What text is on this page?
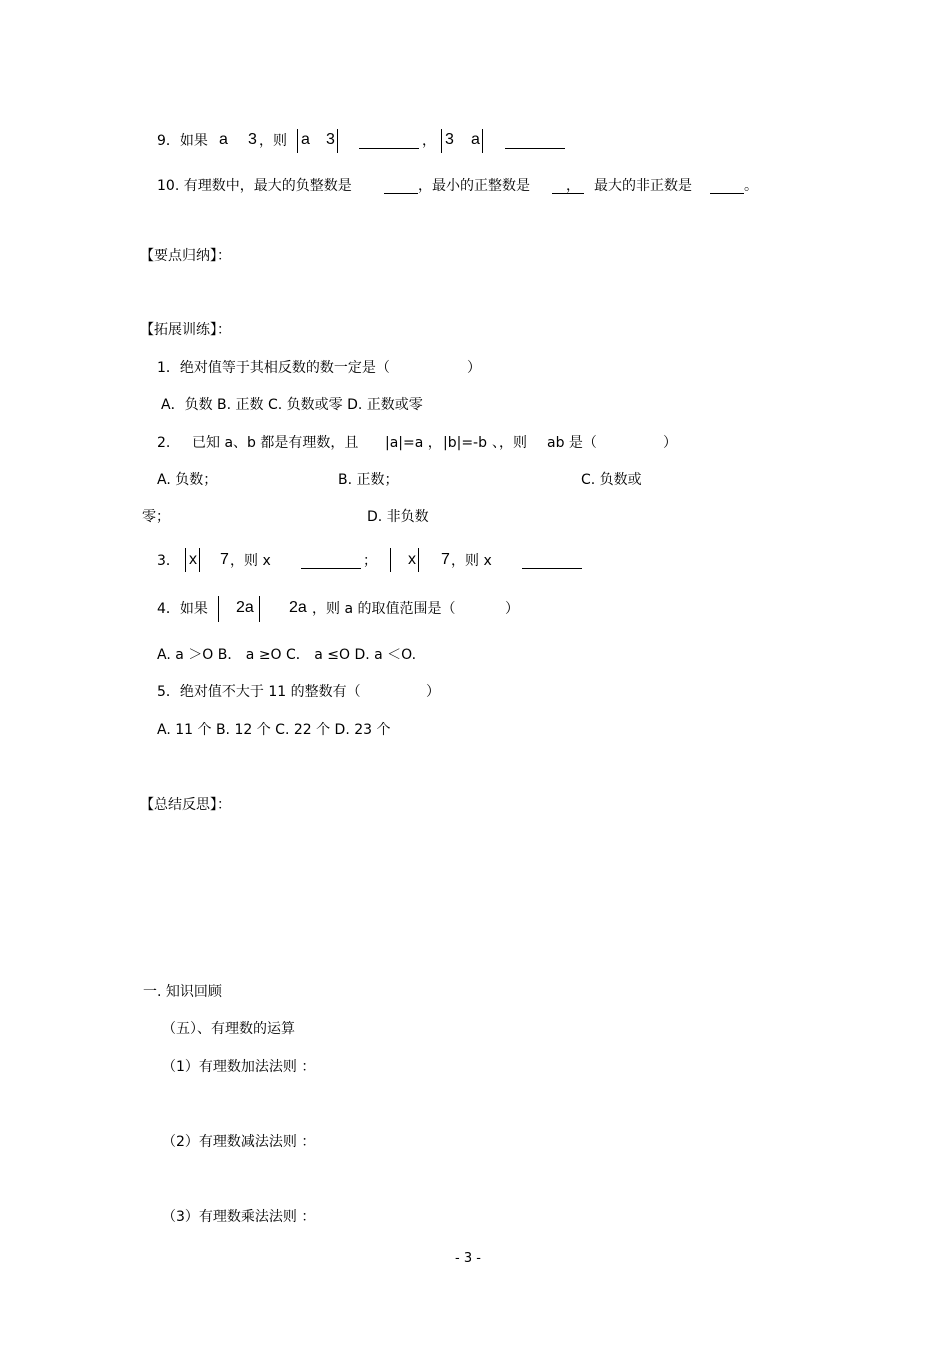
9．如果 a 3 ，则 a 3	， 3 a
10. 有理数中，最大的负整数是	，最小的正整数是	， 最大的非正数是	。
【要点归纳】：
【拓展训练】：
1．绝对值等于其相反数的数一定是（	）
A．负数 B. 正数 C. 负数或零 D. 正数或零
2. 已知 a、b 都是有理数，且 |a|=a ， |b|=-b 、，则 ab 是（	）
A. 负数；	B. 正数；	C. 负数或
零；	D. 非负数
3． x 7 ，则 x	； x 7 ，则 x
4．如果 2a 2a ，则 a 的取值范围是（	）
A. a ＞O B． a ≥O C． a ≤O D. a ＜O.
5．绝对值不大于 11 的整数有（	）
A. 11 个 B. 12 个 C. 22 个 D. 23 个
【总结反思】：
一. 知识回顾
（五）、有理数的运算
（1）有理数加法法则 ：
（2）有理数减法法则 ：
（3）有理数乘法法则 ：
- 3 -
